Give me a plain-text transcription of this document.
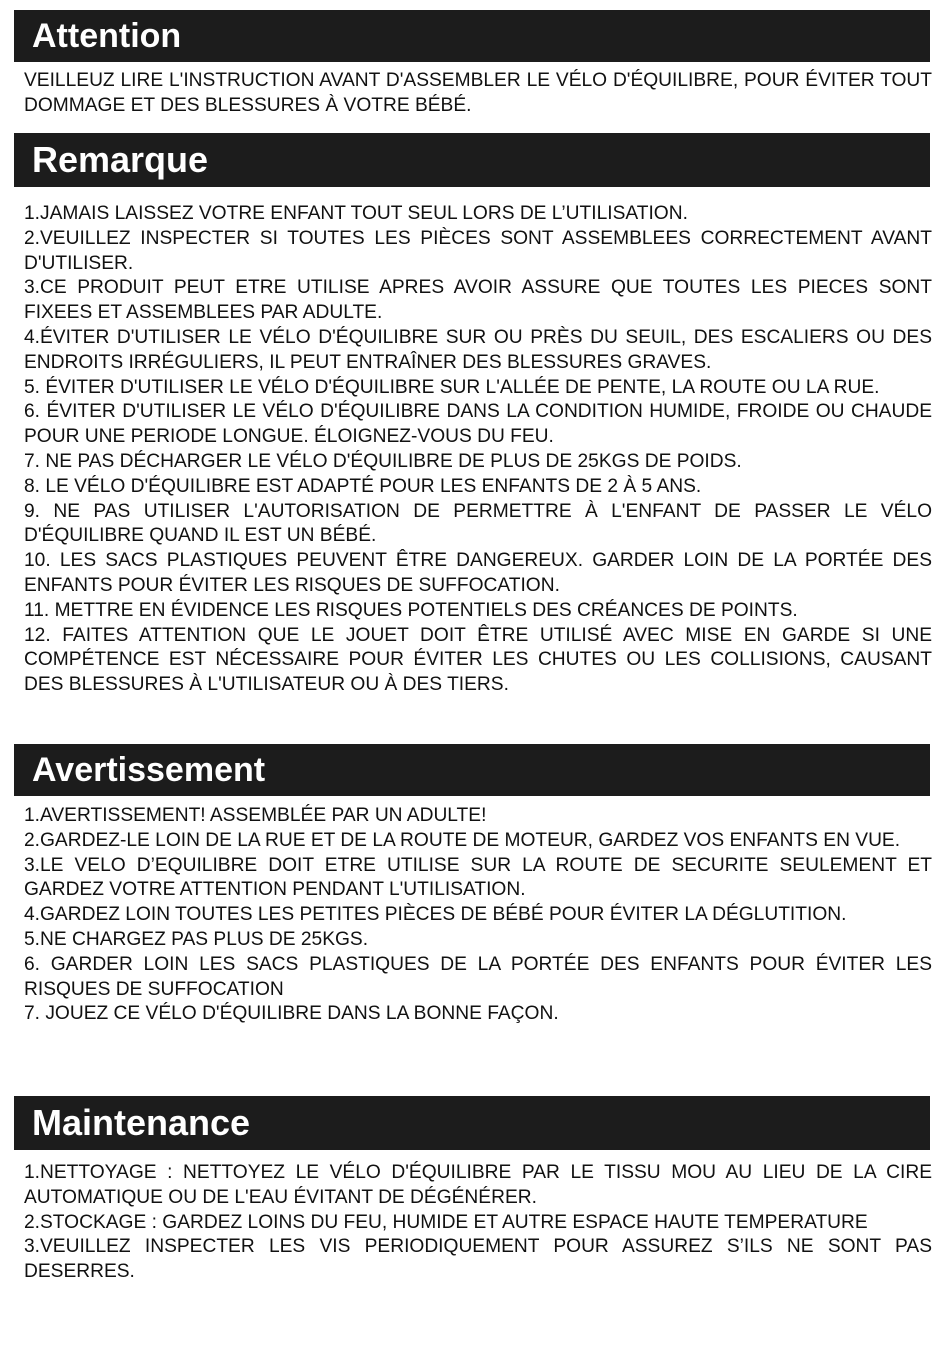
Attention

VEILLEUZ LIRE L'INSTRUCTION AVANT D'ASSEMBLER LE VÉLO D'ÉQUILIBRE, POUR ÉVITER TOUT DOMMAGE ET DES BLESSURES À VOTRE BÉBÉ.

Remarque

1.JAMAIS LAISSEZ VOTRE ENFANT TOUT SEUL LORS DE L’UTILISATION.

2.VEUILLEZ INSPECTER SI TOUTES LES PIÈCES SONT ASSEMBLEES CORRECTEMENT AVANT D'UTILISER.

3.CE PRODUIT PEUT ETRE UTILISE APRES AVOIR ASSURE QUE TOUTES LES PIECES SONT FIXEES ET ASSEMBLEES PAR ADULTE.

4.ÉVITER D'UTILISER LE VÉLO D'ÉQUILIBRE SUR OU PRÈS DU SEUIL, DES ESCALIERS OU DES ENDROITS IRRÉGULIERS, IL PEUT ENTRAÎNER DES BLESSURES GRAVES.

5. ÉVITER D'UTILISER LE VÉLO D'ÉQUILIBRE SUR L'ALLÉE DE PENTE, LA ROUTE OU LA RUE.

6. ÉVITER D'UTILISER LE VÉLO D'ÉQUILIBRE DANS LA CONDITION HUMIDE, FROIDE OU CHAUDE POUR UNE PERIODE LONGUE. ÉLOIGNEZ-VOUS DU FEU.

7. NE PAS DÉCHARGER LE VÉLO D'ÉQUILIBRE DE PLUS DE 25KGS DE POIDS.

8. LE VÉLO D'ÉQUILIBRE EST ADAPTÉ POUR LES ENFANTS DE 2 À 5 ANS.

9. NE PAS UTILISER L'AUTORISATION DE PERMETTRE À L'ENFANT DE PASSER LE VÉLO D'ÉQUILIBRE QUAND IL EST UN BÉBÉ.

10. LES SACS PLASTIQUES PEUVENT ÊTRE DANGEREUX. GARDER LOIN DE LA PORTÉE DES ENFANTS POUR ÉVITER LES RISQUES DE SUFFOCATION.

11. METTRE EN ÉVIDENCE LES RISQUES POTENTIELS DES CRÉANCES DE POINTS.

12. FAITES ATTENTION QUE LE JOUET DOIT ÊTRE UTILISÉ AVEC MISE EN GARDE SI UNE COMPÉTENCE EST NÉCESSAIRE POUR ÉVITER LES CHUTES OU LES COLLISIONS, CAUSANT DES BLESSURES À L'UTILISATEUR OU À DES TIERS.

Avertissement

1.AVERTISSEMENT! ASSEMBLÉE PAR UN ADULTE!

2.GARDEZ-LE LOIN DE LA RUE ET DE LA ROUTE DE MOTEUR, GARDEZ VOS ENFANTS EN VUE.

3.LE VELO D’EQUILIBRE DOIT ETRE UTILISE SUR LA ROUTE DE SECURITE SEULEMENT ET GARDEZ VOTRE ATTENTION PENDANT L'UTILISATION.

4.GARDEZ LOIN TOUTES LES PETITES PIÈCES DE BÉBÉ POUR ÉVITER LA DÉGLUTITION.

5.NE CHARGEZ PAS PLUS DE 25KGS.

6. GARDER LOIN LES SACS PLASTIQUES DE LA PORTÉE DES ENFANTS POUR ÉVITER LES RISQUES DE SUFFOCATION

7. JOUEZ CE VÉLO D'ÉQUILIBRE DANS LA BONNE FAÇON.

Maintenance

1.NETTOYAGE : NETTOYEZ LE VÉLO D'ÉQUILIBRE PAR LE TISSU MOU AU LIEU DE LA CIRE AUTOMATIQUE OU DE L'EAU ÉVITANT DE DÉGÉNÉRER.

2.STOCKAGE : GARDEZ LOINS DU FEU, HUMIDE ET AUTRE ESPACE HAUTE TEMPERATURE

3.VEUILLEZ INSPECTER LES VIS PERIODIQUEMENT POUR ASSUREZ S’ILS NE SONT PAS DESERRES.
